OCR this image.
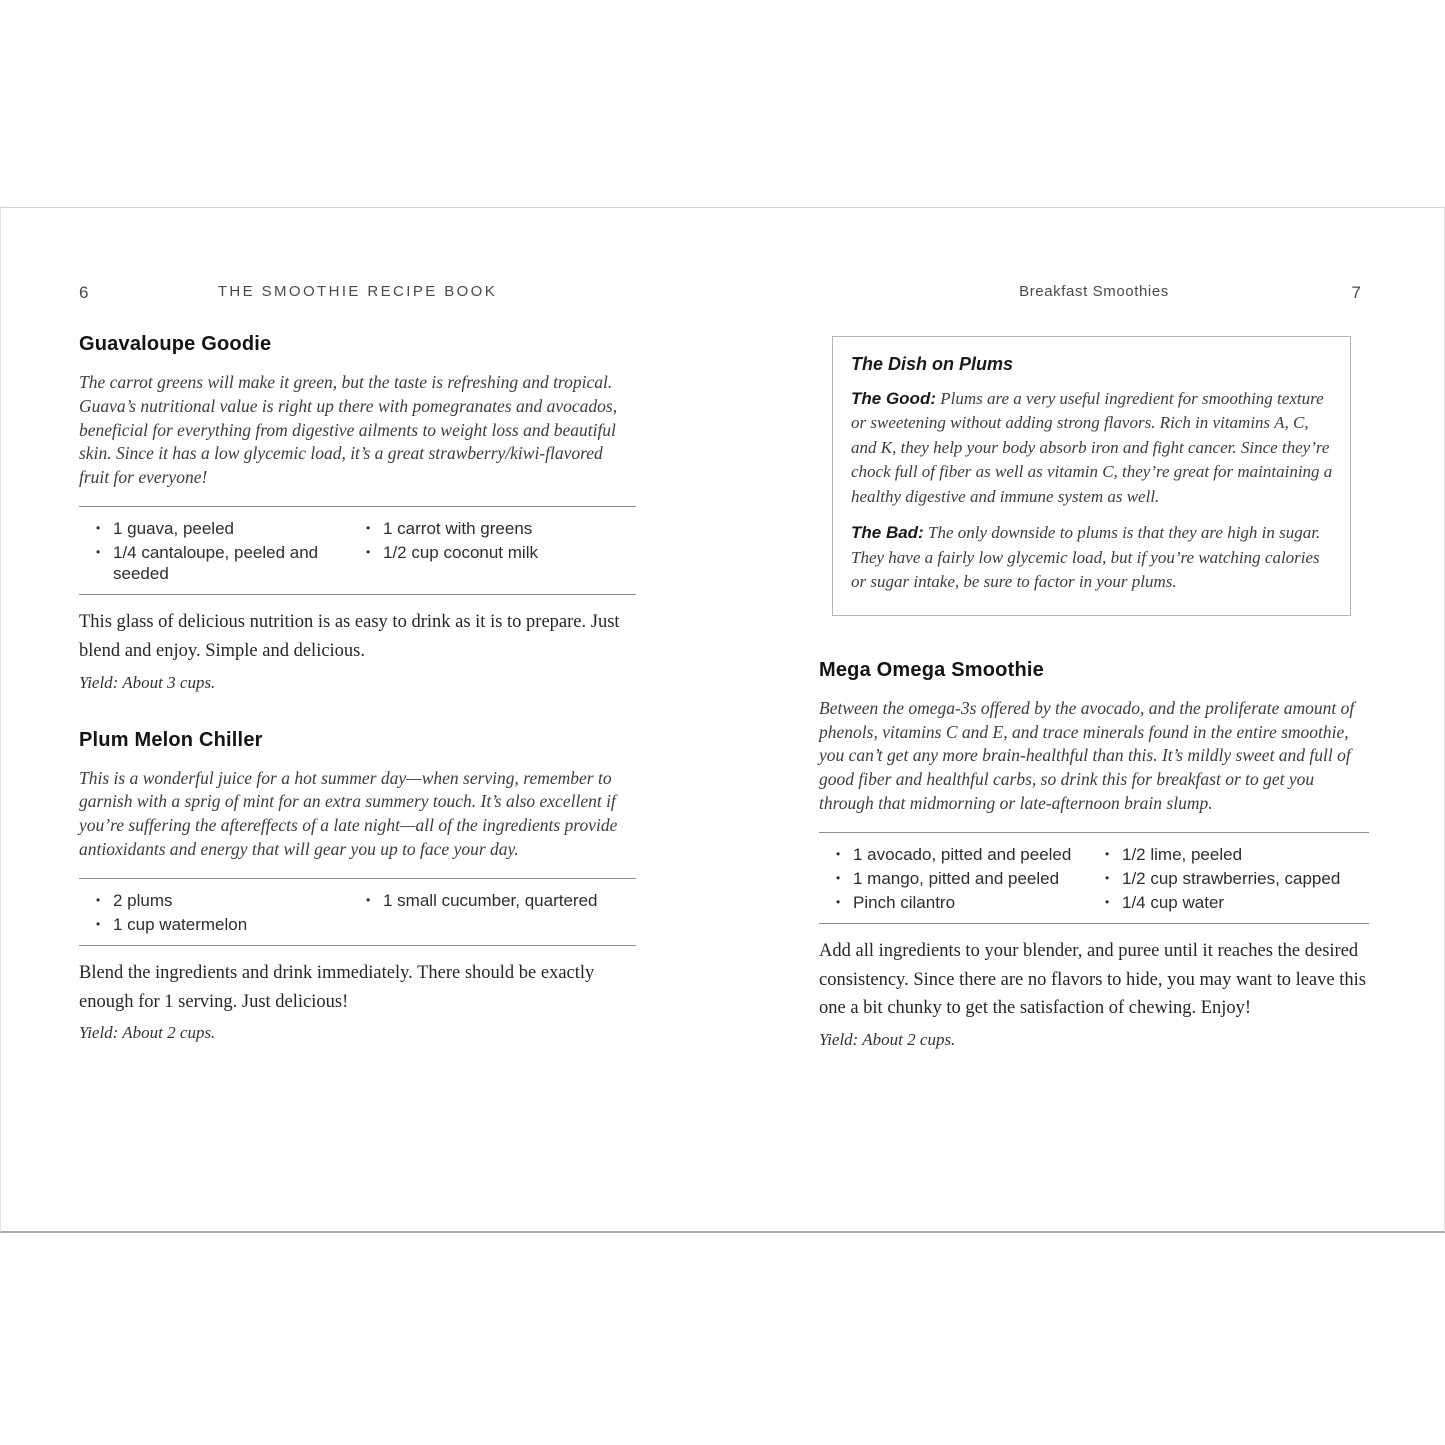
6	THE SMOOTHIE RECIPE BOOK
Guavaloupe Goodie

The carrot greens will make it green, but the taste is refreshing and tropical. Guava’s nutritional value is right up there with pomegranates and avocados, beneficial for everything from digestive ailments to weight loss and beautiful skin. Since it has a low glycemic load, it’s a great strawberry/kiwi-flavored fruit for everyone!

• 1 guava, peeled
• 1/4 cantaloupe, peeled and seeded
• 1 carrot with greens
• 1/2 cup coconut milk

This glass of delicious nutrition is as easy to drink as it is to prepare. Just blend and enjoy. Simple and delicious.

Yield: About 3 cups.

Plum Melon Chiller

This is a wonderful juice for a hot summer day—when serving, remember to garnish with a sprig of mint for an extra summery touch. It’s also excellent if you’re suffering the aftereffects of a late night—all of the ingredients provide antioxidants and energy that will gear you up to face your day.

• 2 plums
• 1 cup watermelon
• 1 small cucumber, quartered

Blend the ingredients and drink immediately. There should be exactly enough for 1 serving. Just delicious!

Yield: About 2 cups.

Breakfast Smoothies	7
The Dish on Plums

The Good: Plums are a very useful ingredient for smoothing texture or sweetening without adding strong flavors. Rich in vitamins A, C, and K, they help your body absorb iron and fight cancer. Since they’re chock full of fiber as well as vitamin C, they’re great for maintaining a healthy digestive and immune system as well.

The Bad: The only downside to plums is that they are high in sugar. They have a fairly low glycemic load, but if you’re watching calories or sugar intake, be sure to factor in your plums.

Mega Omega Smoothie

Between the omega-3s offered by the avocado, and the proliferate amount of phenols, vitamins C and E, and trace minerals found in the entire smoothie, you can’t get any more brain-healthful than this. It’s mildly sweet and full of good fiber and healthful carbs, so drink this for breakfast or to get you through that midmorning or late-afternoon brain slump.

• 1 avocado, pitted and peeled
• 1 mango, pitted and peeled
• Pinch cilantro
• 1/2 lime, peeled
• 1/2 cup strawberries, capped
• 1/4 cup water

Add all ingredients to your blender, and puree until it reaches the desired consistency. Since there are no flavors to hide, you may want to leave this one a bit chunky to get the satisfaction of chewing. Enjoy!

Yield: About 2 cups.
